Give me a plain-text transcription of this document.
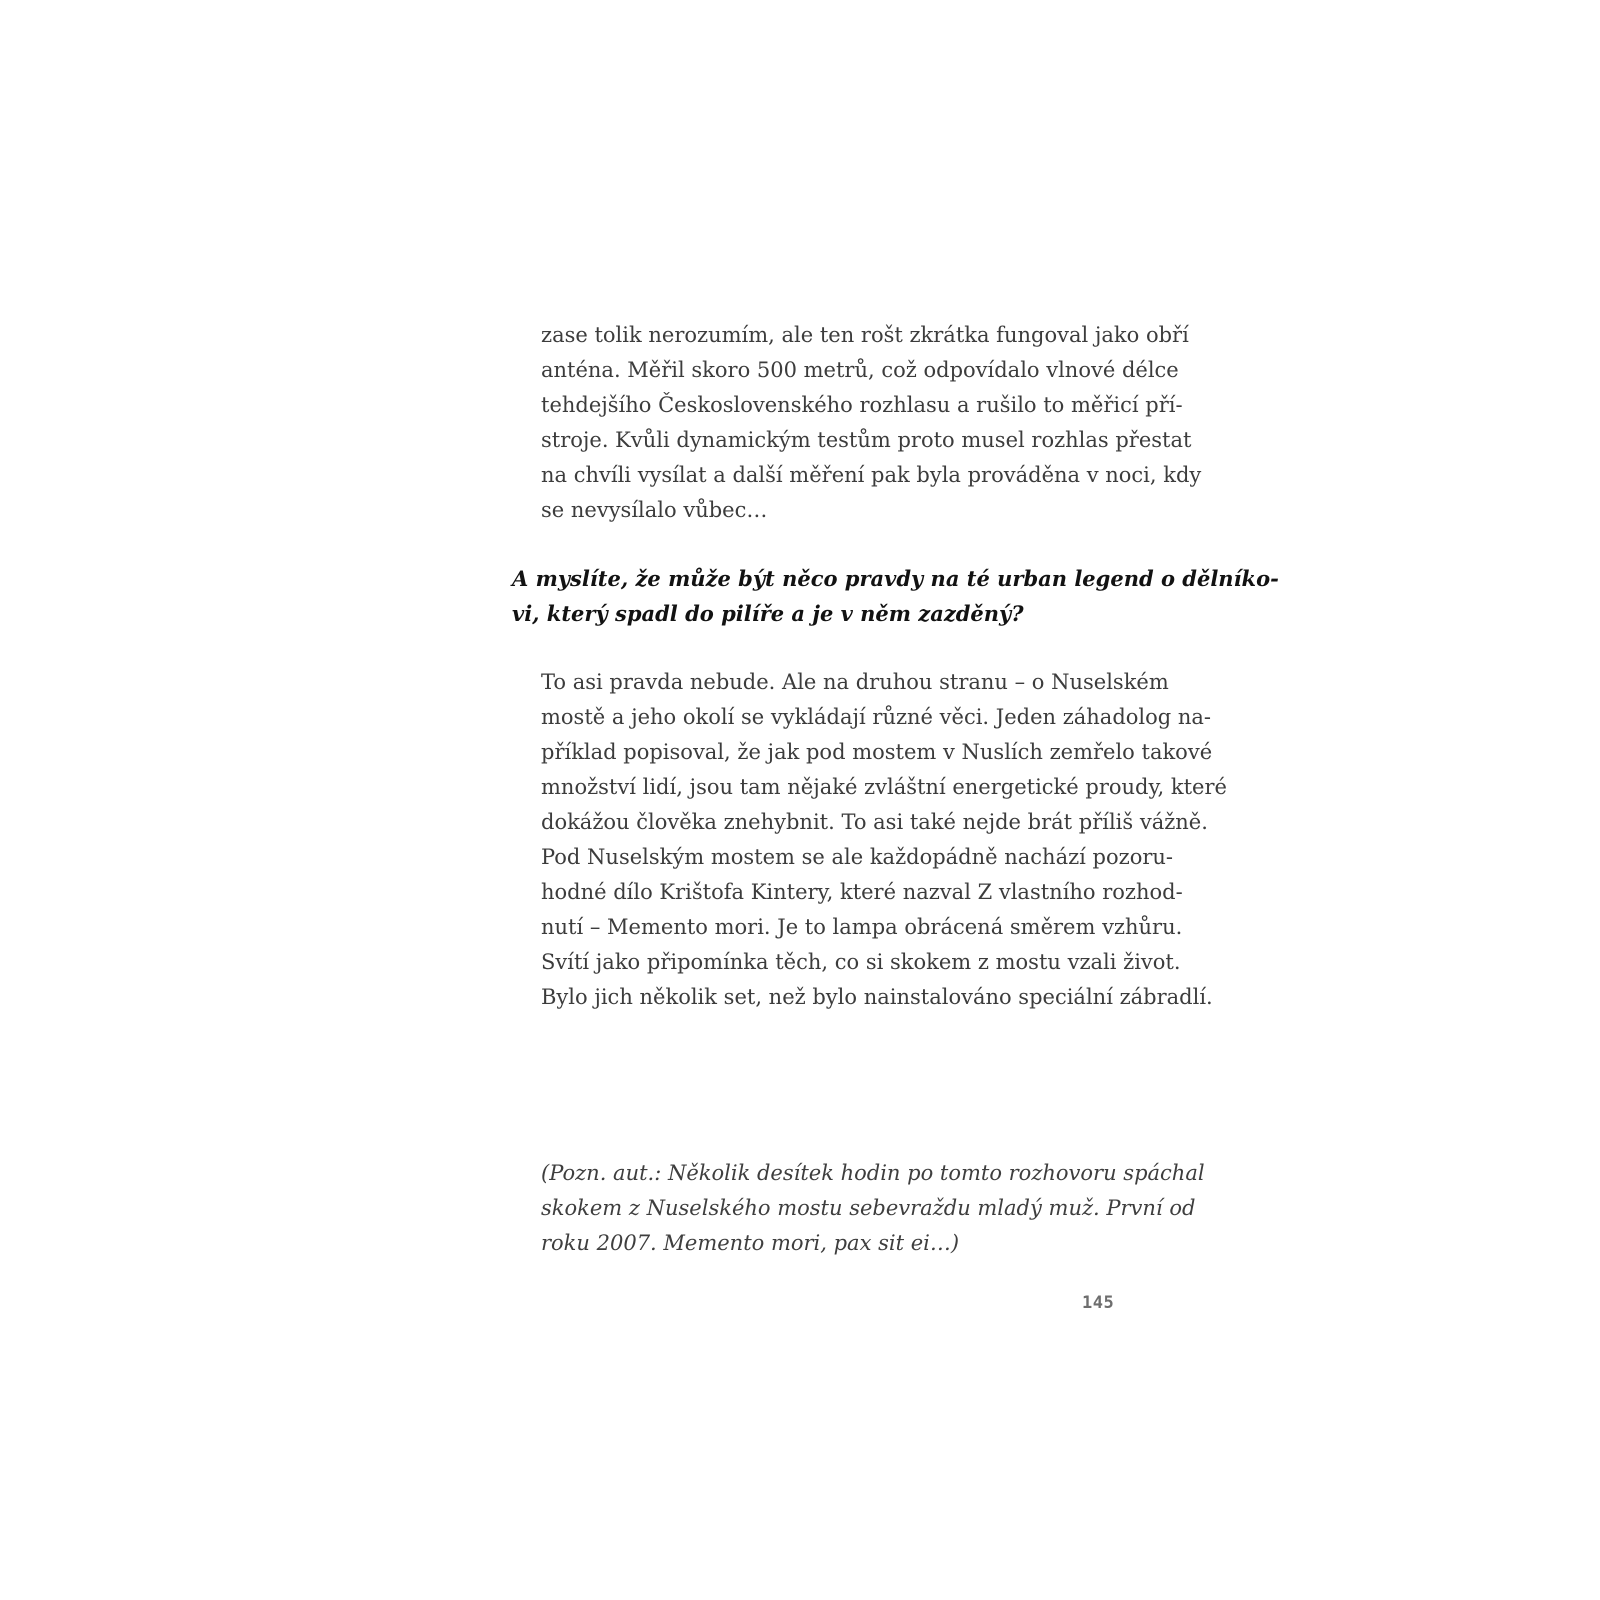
zase tolik nerozumím, ale ten rošt zkrátka fungoval jako obří
anténa. Měřil skoro 500 metrů, což odpovídalo vlnové délce
tehdejšího Československého rozhlasu a rušilo to měřicí pří-
stroje. Kvůli dynamickým testům proto musel rozhlas přestat
na chvíli vysílat a další měření pak byla prováděna v noci, kdy
se nevysílalo vůbec…
A myslíte, že může být něco pravdy na té urban legend o dělníko-
vi, který spadl do pilíře a je v něm zazděný?
To asi pravda nebude. Ale na druhou stranu – o Nuselském
mostě a jeho okolí se vykládají různé věci. Jeden záhadolog na-
příklad popisoval, že jak pod mostem v Nuslích zemřelo takové
množství lidí, jsou tam nějaké zvláštní energetické proudy, které
dokážou člověka znehybnit. To asi také nejde brát příliš vážně.
Pod Nuselským mostem se ale každopádně nachází pozoru-
hodné dílo Krištofa Kintery, které nazval Z vlastního rozhod-
nutí – Memento mori. Je to lampa obrácená směrem vzhůru.
Svítí jako připomínka těch, co si skokem z mostu vzali život.
Bylo jich několik set, než bylo nainstalováno speciální zábradlí.
(Pozn. aut.: Několik desítek hodin po tomto rozhovoru spáchal
skokem z Nuselského mostu sebevraždu mladý muž. První od
roku 2007. Memento mori, pax sit ei…)
145
